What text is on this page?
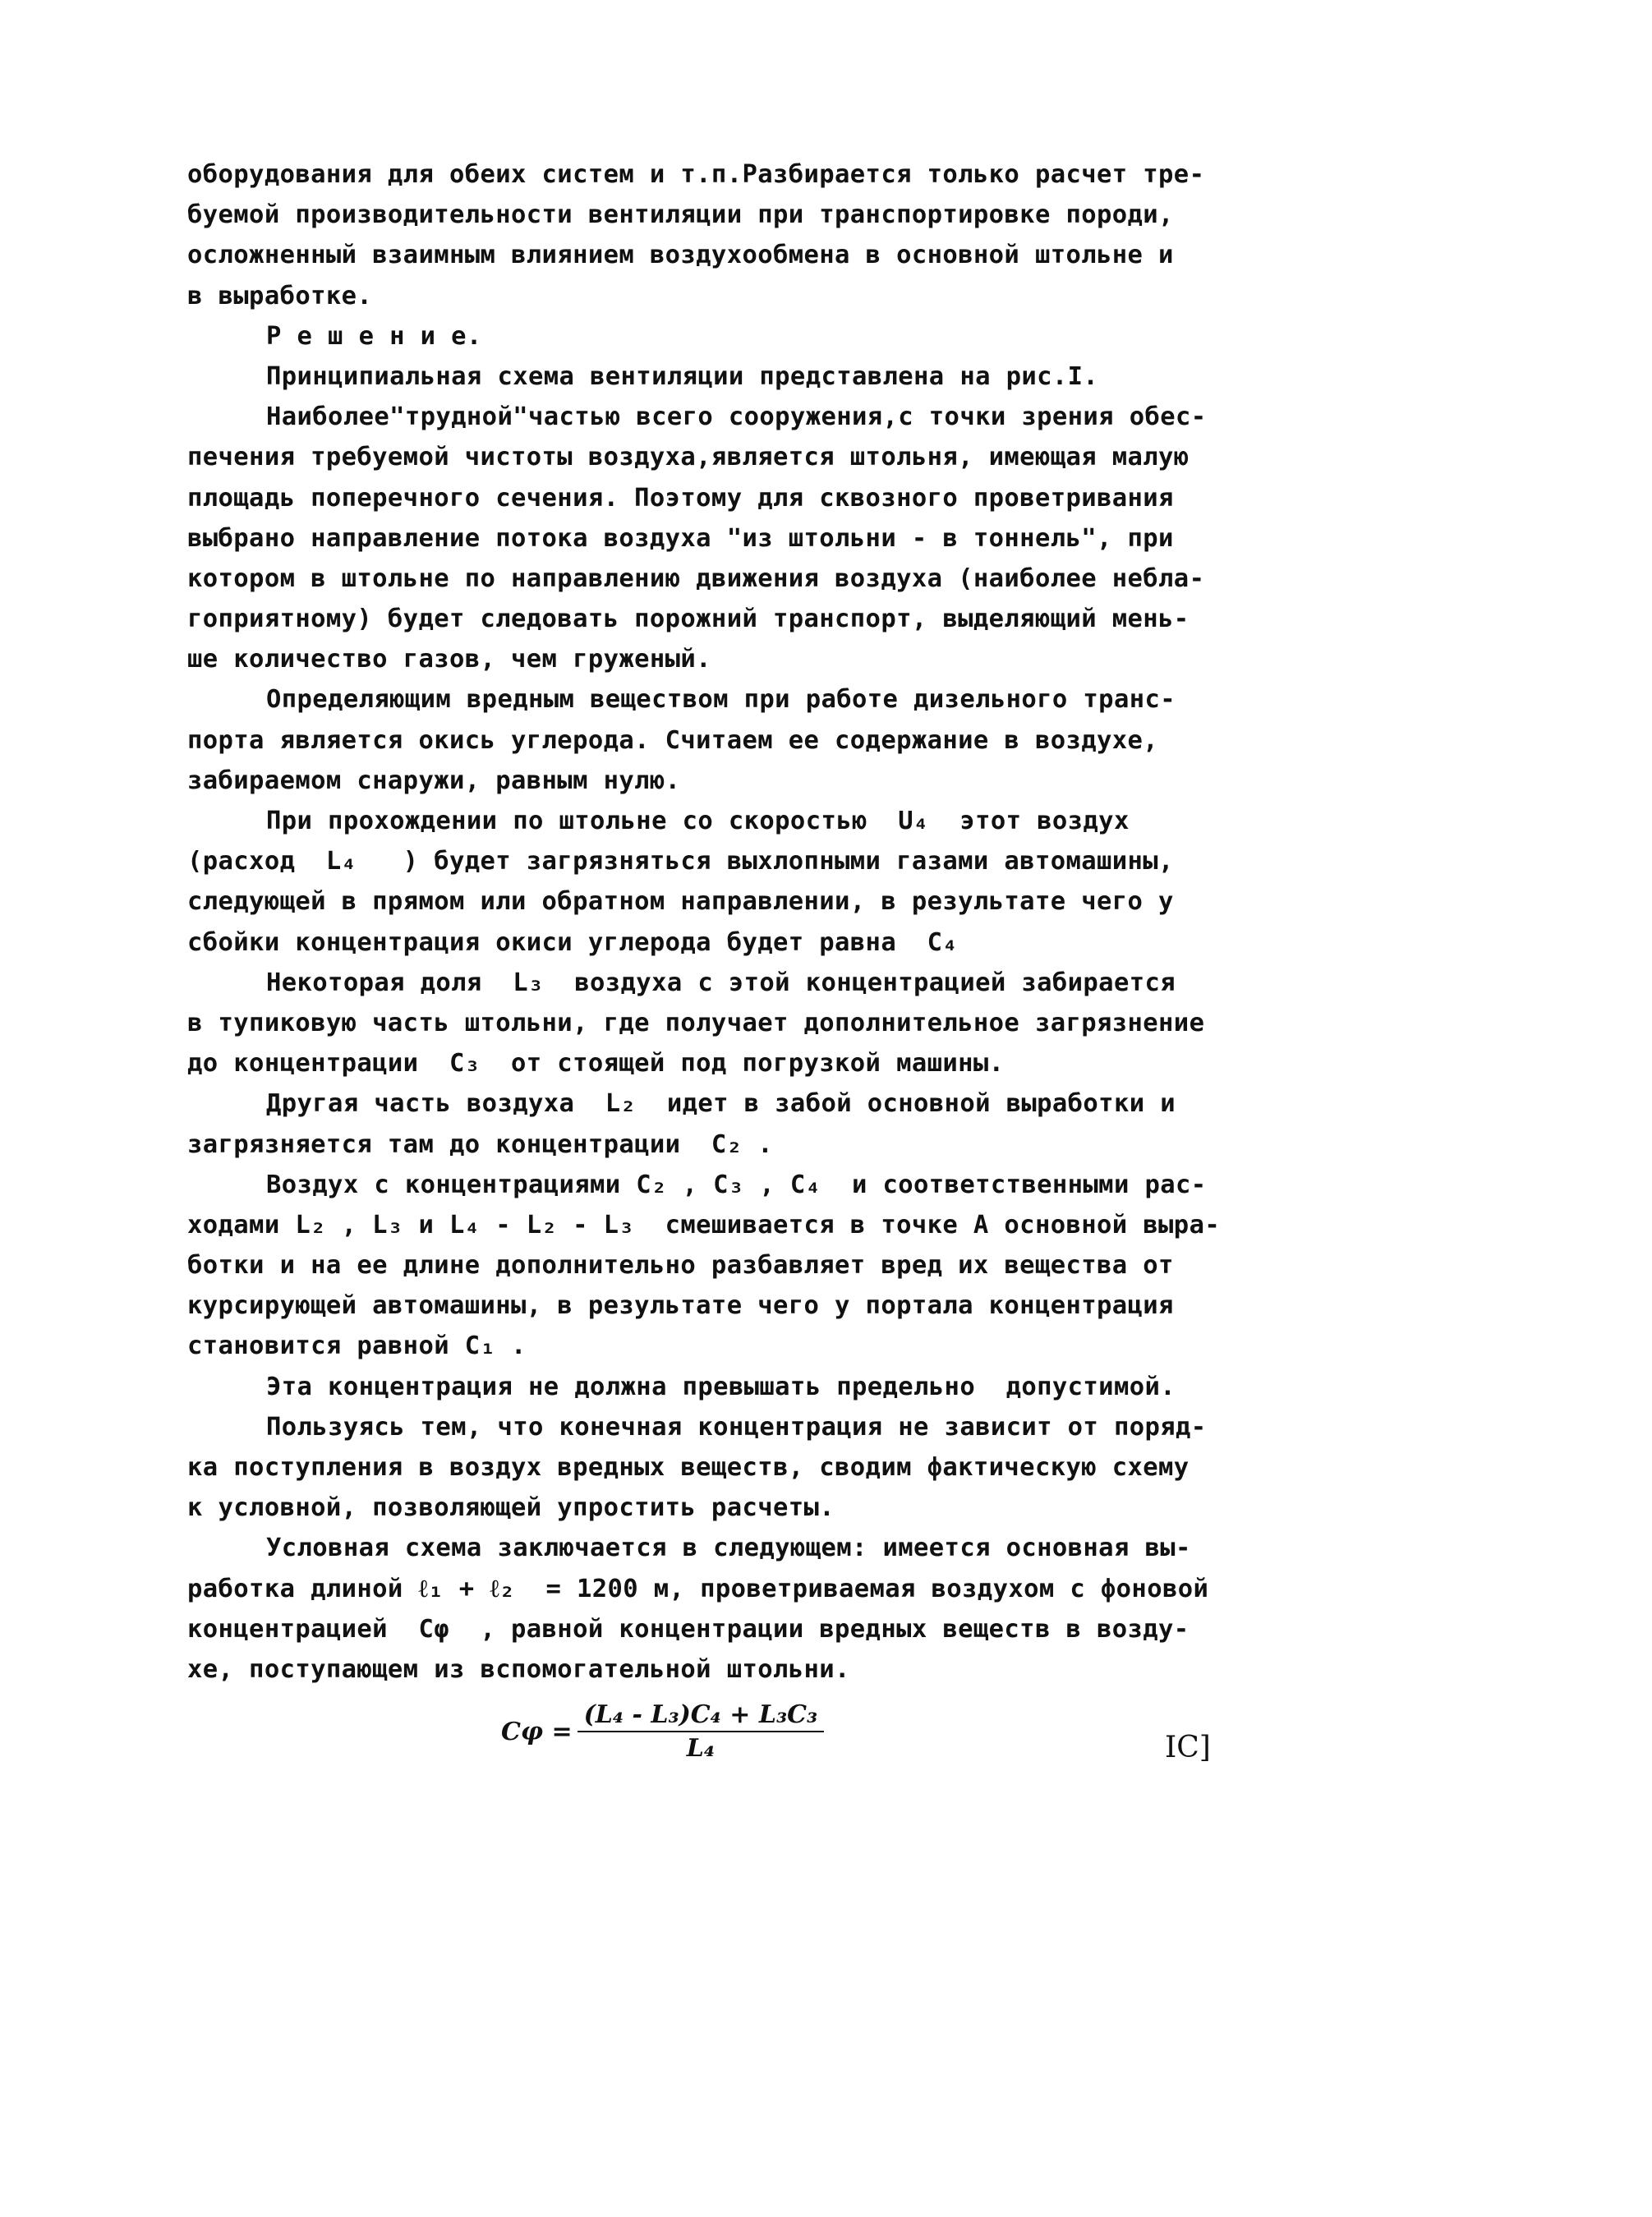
оборудования для обеих систем и т.п.Разбирается только расчет тре-
буемой производительности вентиляции при транспортировке породи,
осложненный взаимным влиянием воздухообмена в основной штольне и
в выработке.
Р е ш е н и е.
Принципиальная схема вентиляции представлена на рис.I.
Наиболее"трудной"частью всего сооружения,с точки зрения обес-
печения требуемой чистоты воздуха,является штольня, имеющая малую
площадь поперечного сечения. Поэтому для сквозного проветривания
выбрано направление потока воздуха "из штольни - в тоннель", при
котором в штольне по направлению движения воздуха (наиболее небла-
гоприятному) будет следовать порожний транспорт, выделяющий мень-
ше количество газов, чем груженый.
Определяющим вредным веществом при работе дизельного транс-
порта является окись углерода. Считаем ее содержание в воздухе,
забираемом снаружи, равным нулю.
При прохождении по штольне со скоростью  U₄  этот воздух
(расход  L₄   ) будет загрязняться выхлопными газами автомашины,
следующей в прямом или обратном направлении, в результате чего у
сбойки концентрация окиси углерода будет равна  C₄
Некоторая доля  L₃  воздуха с этой концентрацией забирается
в тупиковую часть штольни, где получает дополнительное загрязнение
до концентрации  C₃  от стоящей под погрузкой машины.
Другая часть воздуха  L₂  идет в забой основной выработки и
загрязняется там до концентрации  C₂ .
Воздух с концентрациями C₂ , C₃ , C₄  и соответственными рас-
ходами L₂ , L₃ и L₄ - L₂ - L₃  смешивается в точке A основной выра-
ботки и на ее длине дополнительно разбавляет вред их вещества от
курсирующей автомашины, в результате чего у портала концентрация
становится равной C₁ .
Эта концентрация не должна превышать предельно  допустимой.
Пользуясь тем, что конечная концентрация не зависит от поряд-
ка поступления в воздух вредных веществ, сводим фактическую схему
к условной, позволяющей упростить расчеты.
Условная схема заключается в следующем: имеется основная вы-
работка длиной ℓ₁ + ℓ₂  = 1200 м, проветриваемая воздухом с фоновой
концентрацией  Cφ  , равной концентрации вредных веществ в возду-
хе, поступающем из вспомогательной штольни.
$C\varphi = \frac{\text{(L₄ - L₃)C₄ + L₃C₃}}{\text{L₄}}$	IC]
